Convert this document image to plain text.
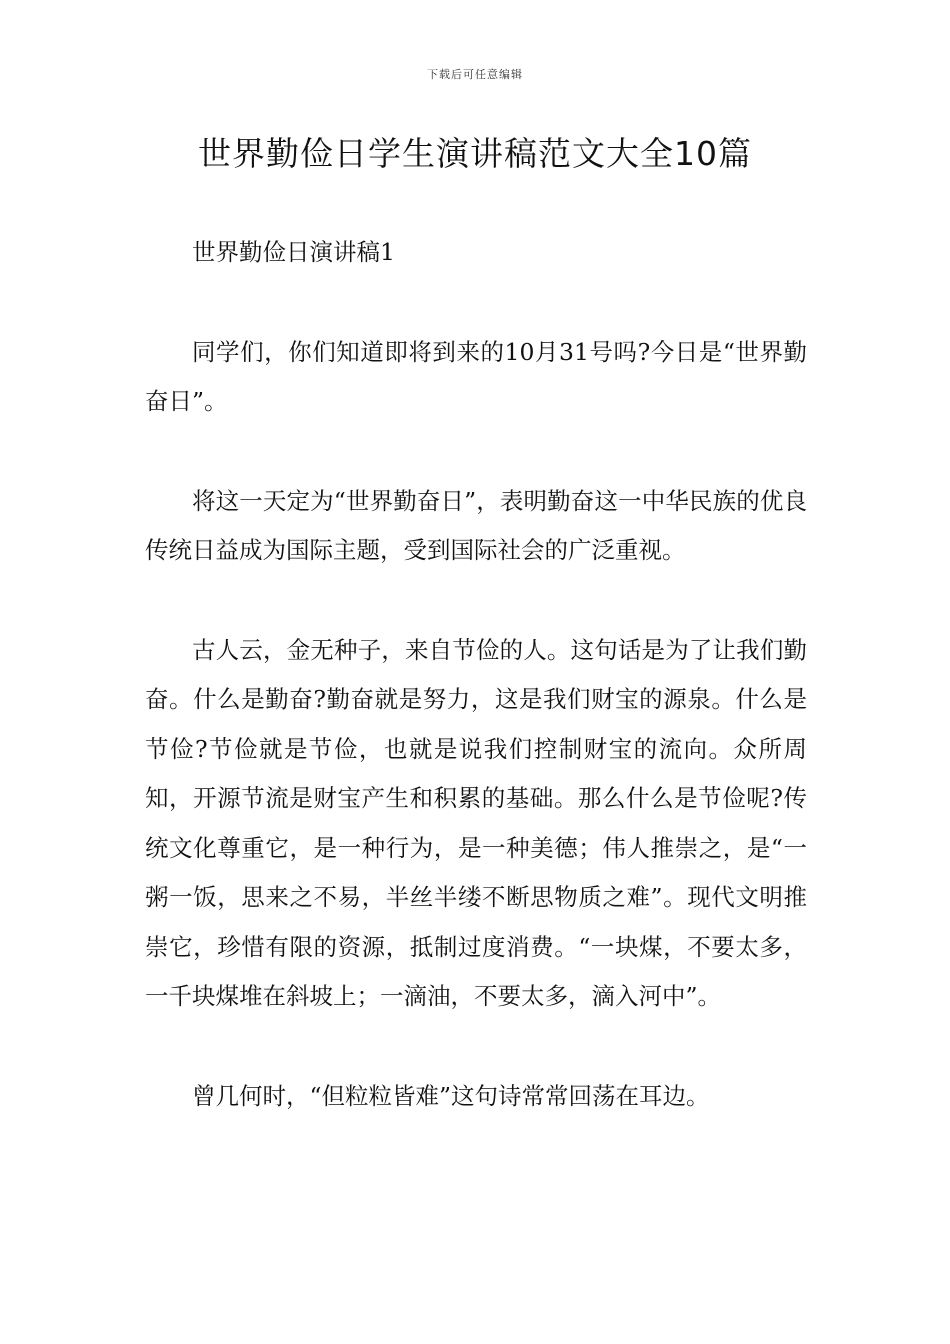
下载后可任意编辑
世界勤俭日学生演讲稿范文大全10篇

世界勤俭日演讲稿1

同学们，你们知道即将到来的10月31号吗?今日是“世界勤奋日”。

将这一天定为“世界勤奋日”，表明勤奋这一中华民族的优良传统日益成为国际主题，受到国际社会的广泛重视。

古人云，金无种子，来自节俭的人。这句话是为了让我们勤奋。什么是勤奋?勤奋就是努力，这是我们财宝的源泉。什么是节俭?节俭就是节俭，也就是说我们控制财宝的流向。众所周知，开源节流是财宝产生和积累的基础。那么什么是节俭呢?传统文化尊重它，是一种行为，是一种美德；伟人推崇之，是“一粥一饭，思来之不易，半丝半缕不断思物质之难”。现代文明推崇它，珍惜有限的资源，抵制过度消费。“一块煤，不要太多，一千块煤堆在斜坡上；一滴油，不要太多，滴入河中”。

曾几何时，“但粒粒皆难”这句诗常常回荡在耳边。
